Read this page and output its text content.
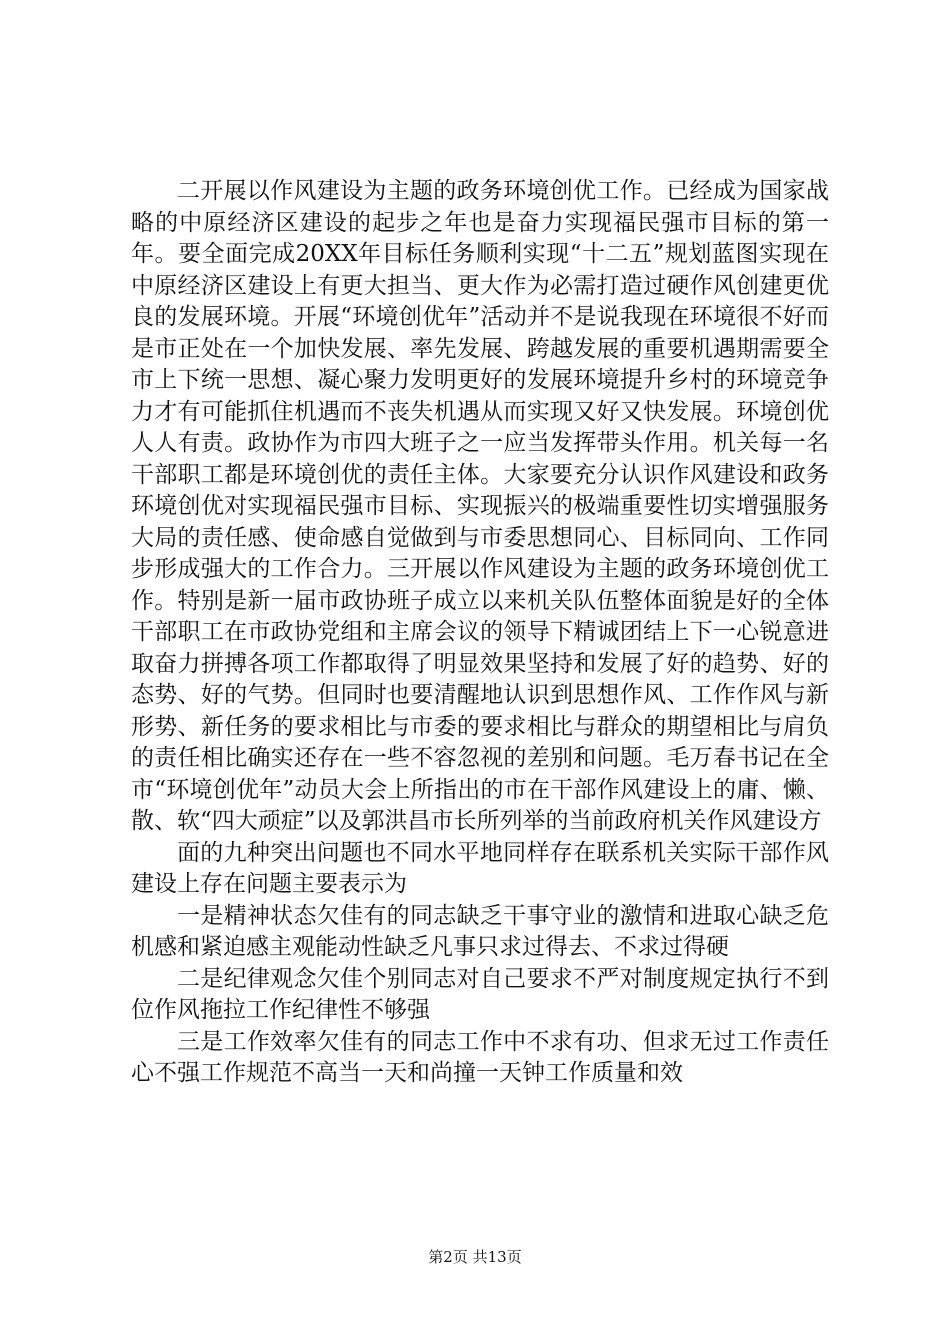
二开展以作风建设为主题的政务环境创优工作。已经成为国家战略的中原经济区建设的起步之年也是奋力实现福民强市目标的第一年。要全面完成20XX年目标任务顺利实现“十二五”规划蓝图实现在中原经济区建设上有更大担当、更大作为必需打造过硬作风创建更优良的发展环境。开展“环境创优年”活动并不是说我现在环境很不好而是市正处在一个加快发展、率先发展、跨越发展的重要机遇期需要全市上下统一思想、凝心聚力发明更好的发展环境提升乡村的环境竞争力才有可能抓住机遇而不丧失机遇从而实现又好又快发展。环境创优人人有责。政协作为市四大班子之一应当发挥带头作用。机关每一名干部职工都是环境创优的责任主体。大家要充分认识作风建设和政务环境创优对实现福民强市目标、实现振兴的极端重要性切实增强服务大局的责任感、使命感自觉做到与市委思想同心、目标同向、工作同步形成强大的工作合力。三开展以作风建设为主题的政务环境创优工作。特别是新一届市政协班子成立以来机关队伍整体面貌是好的全体干部职工在市政协党组和主席会议的领导下精诚团结上下一心锐意进取奋力拼搏各项工作都取得了明显效果坚持和发展了好的趋势、好的态势、好的气势。但同时也要清醒地认识到思想作风、工作作风与新形势、新任务的要求相比与市委的要求相比与群众的期望相比与肩负的责任相比确实还存在一些不容忽视的差别和问题。毛万春书记在全市“环境创优年”动员大会上所指出的市在干部作风建设上的庸、懒、散、软“四大顽症”以及郭洪昌市长所列举的当前政府机关作风建设方

面的九种突出问题也不同水平地同样存在联系机关实际干部作风建设上存在问题主要表示为

一是精神状态欠佳有的同志缺乏干事守业的激情和进取心缺乏危机感和紧迫感主观能动性缺乏凡事只求过得去、不求过得硬

二是纪律观念欠佳个别同志对自己要求不严对制度规定执行不到位作风拖拉工作纪律性不够强

三是工作效率欠佳有的同志工作中不求有功、但求无过工作责任心不强工作规范不高当一天和尚撞一天钟工作质量和效

第2页 共13页
